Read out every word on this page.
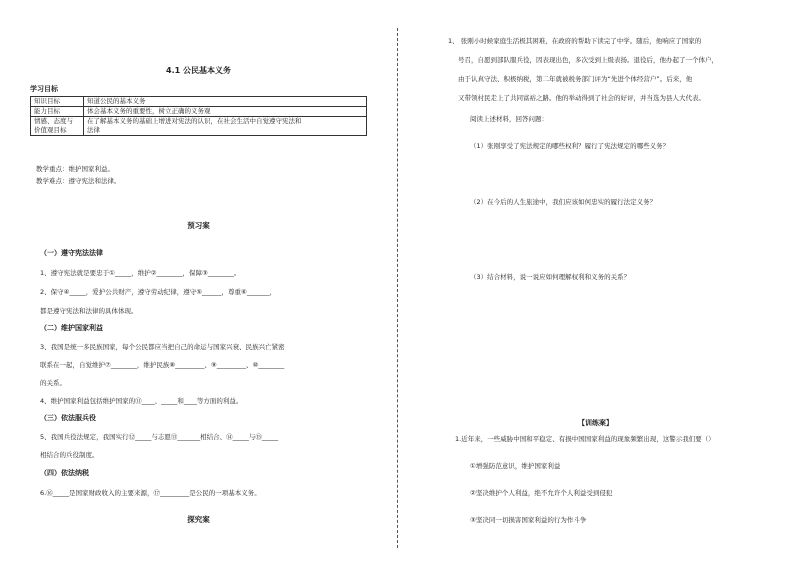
4.1 公民基本义务
学习目标
知识目标	知道公民的基本义务
能力目标	体会基本义务的重要性，树立正确的义务观
情感、态度与	在了解基本义务的基础上增进对宪法的认识，在社会生活中自觉遵守宪法和
价值观目标	法律
教学重点：维护国家利益。
教学难点：遵守宪法和法律。
预习案
（一）遵守宪法法律
1、遵守宪法就是要忠于①_____，维护②________，保障③________。
2、保守④_____，爱护公共财产，遵守劳动纪律，遵守⑤______，尊重⑥_______，
都是遵守宪法和法律的具体体现。
（二）维护国家利益
3、我国是统一多民族国家，每个公民都应当把自己的命运与国家兴衰、民族兴亡紧密
联系在一起，自觉维护⑦________，维护民族⑧_________、⑨_________、⑩________
的关系。
4、维护国家利益包括维护国家的⑪____、_____和____等方面的利益。
（三）依法服兵役
5、我国兵役法规定，我国实行⑫_____与志愿⑬_______相结合、⑭_____与⑮_____
相结合的兵役制度。
（四）依法纳税
6.⑯_____是国家财政收入的主要来源，⑰_________是公民的一项基本义务。
探究案
1、 张刚小时候家庭生活极其困难，在政府的帮助下读完了中学。随后，他响应了国家的
号召，自愿到部队服兵役，因表现出色，多次受到上级表扬。退役后，他办起了一个体户，
由于认真守法、积极纳税，第二年就被税务部门评为“先进个体经营户”。后来，他
又带领村民走上了共同富裕之路。他的举动得到了社会的好评，并当选为县人大代表。
阅读上述材料，回答问题：
（1）张刚享受了宪法规定的哪些权利？履行了宪法规定的哪些义务？
（2）在今后的人生旅途中，我们应该如何忠实的履行法定义务？
（3）结合材料，说一说应如何理解权利和义务的关系？
【训练案】
1.近年来，一些威胁中国和平稳定、有损中国国家利益的现象频繁出现，这警示我们要（）
①增强防范意识，维护国家利益
②坚决维护个人利益，绝不允许个人利益受到侵犯
③坚决同一切损害国家利益的行为作斗争
